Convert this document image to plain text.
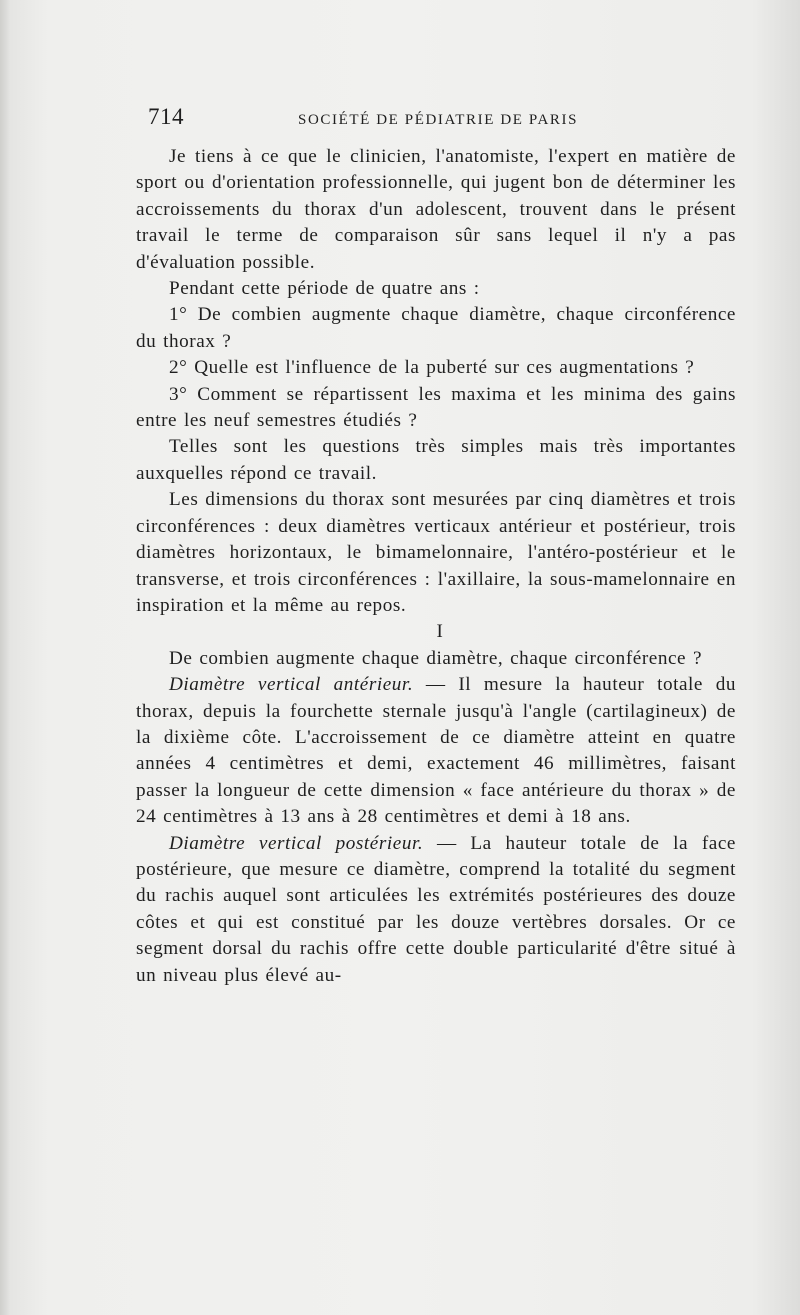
714	SOCIÉTÉ DE PÉDIATRIE DE PARIS

Je tiens à ce que le clinicien, l'anatomiste, l'expert en matière de sport ou d'orientation professionnelle, qui jugent bon de déterminer les accroissements du thorax d'un adolescent, trouvent dans le présent travail le terme de comparaison sûr sans lequel il n'y a pas d'évaluation possible.

Pendant cette période de quatre ans :

1° De combien augmente chaque diamètre, chaque circonférence du thorax ?

2° Quelle est l'influence de la puberté sur ces augmentations ?

3° Comment se répartissent les maxima et les minima des gains entre les neuf semestres étudiés ?

Telles sont les questions très simples mais très importantes auxquelles répond ce travail.

Les dimensions du thorax sont mesurées par cinq diamètres et trois circonférences : deux diamètres verticaux antérieur et postérieur, trois diamètres horizontaux, le bimamelonnaire, l'antéro-postérieur et le transverse, et trois circonférences : l'axillaire, la sous-mamelonnaire en inspiration et la même au repos.

I

De combien augmente chaque diamètre, chaque circonférence ?

Diamètre vertical antérieur. — Il mesure la hauteur totale du thorax, depuis la fourchette sternale jusqu'à l'angle (cartilagineux) de la dixième côte. L'accroissement de ce diamètre atteint en quatre années 4 centimètres et demi, exactement 46 millimètres, faisant passer la longueur de cette dimension « face antérieure du thorax » de 24 centimètres à 13 ans à 28 centimètres et demi à 18 ans.

Diamètre vertical postérieur. — La hauteur totale de la face postérieure, que mesure ce diamètre, comprend la totalité du segment du rachis auquel sont articulées les extrémités postérieures des douze côtes et qui est constitué par les douze vertèbres dorsales. Or ce segment dorsal du rachis offre cette double particularité d'être situé à un niveau plus élevé au-
